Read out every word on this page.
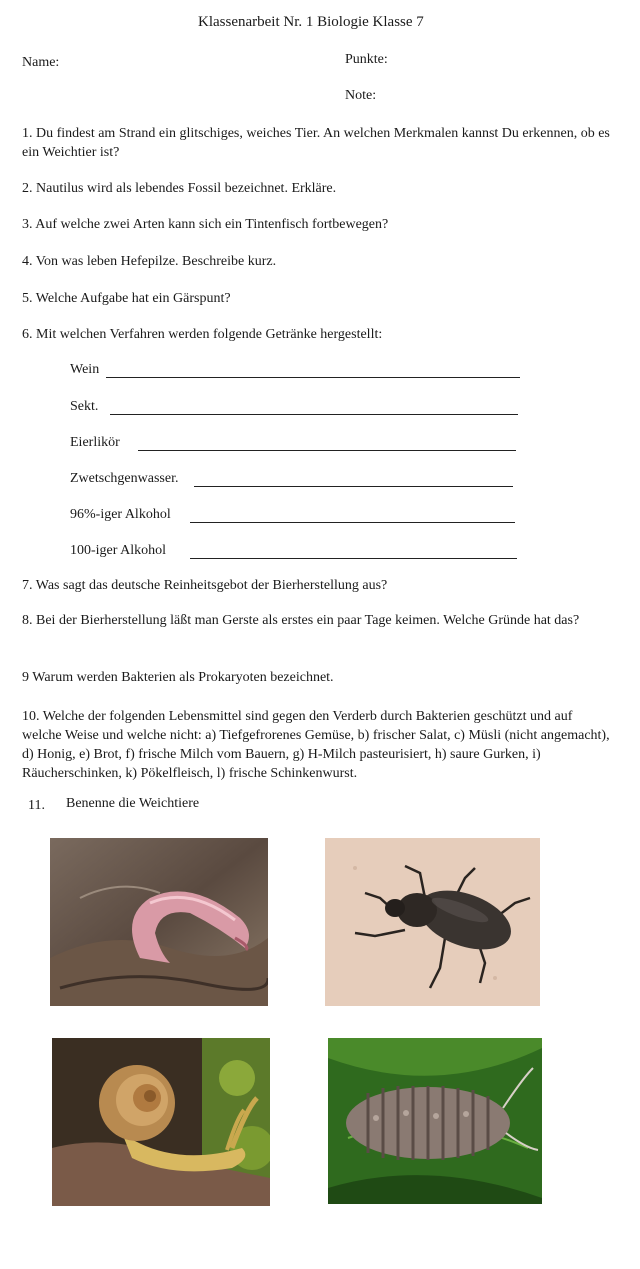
Klassenarbeit Nr. 1 Biologie Klasse 7
Name:	Punkte:
Note:
1. Du findest am Strand ein glitschiges, weiches Tier. An welchen Merkmalen kannst Du erkennen, ob es ein Weichtier ist?
2. Nautilus wird als lebendes Fossil bezeichnet. Erkläre.
3. Auf welche zwei Arten kann sich ein Tintenfisch fortbewegen?
4. Von was leben Hefepilze. Beschreibe kurz.
5. Welche Aufgabe hat ein Gärspunt?
6. Mit welchen Verfahren werden folgende Getränke hergestellt:
Wein
Sekt.
Eierlikör
Zwetschgenwasser.
96%-iger Alkohol
100-iger Alkohol
7. Was sagt das deutsche Reinheitsgebot der Bierherstellung aus?
8. Bei der Bierherstellung läßt man Gerste als erstes ein paar Tage keimen. Welche Gründe hat das?
9 Warum werden Bakterien als Prokaryoten bezeichnet.
10. Welche der folgenden Lebensmittel sind gegen den Verderb durch Bakterien geschützt und auf welche Weise und welche nicht: a) Tiefgefrorenes Gemüse, b) frischer Salat, c) Müsli (nicht angemacht), d) Honig, e) Brot, f) frische Milch vom Bauern, g) H-Milch pasteurisiert, h) saure Gurken, i) Räucherschinken, k) Pökelfleisch, l) frische Schinkenwurst.
11. Benenne die Weichtiere
